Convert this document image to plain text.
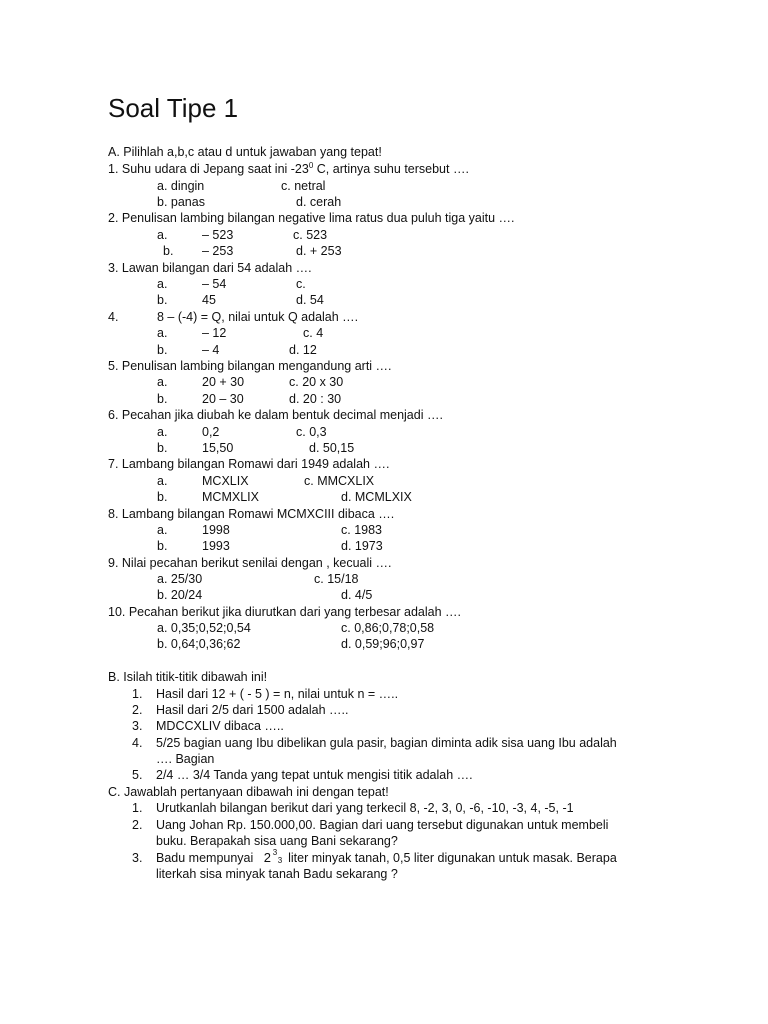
Soal Tipe 1
A. Pilihlah a,b,c atau d untuk jawaban yang tepat!
1. Suhu udara di Jepang saat ini $-23^0$ C, artinya suhu tersebut ….
a. dingin	c. netral
b. panas	d. cerah
2. Penulisan lambing bilangan negative lima ratus dua puluh tiga yaitu ….
a.	– 523	c. 523
b. – 253	d. + 253
3. Lawan bilangan dari 54 adalah ….
a.	– 54	c.
b.	45	d. 54
4.	8 – (-4) = Q, nilai untuk Q adalah ….
a.	– 12	c. 4
b.	– 4	d. 12
5. Penulisan lambing bilangan mengandung arti ….
a.	20 + 30	c. 20 x 30
b.	20 – 30	d. 20 : 30
6. Pecahan jika diubah ke dalam bentuk decimal menjadi ….
a.	0,2	c. 0,3
b.	15,50	d. 50,15
7. Lambang bilangan Romawi dari 1949 adalah ….
a.	MCXLIX	c. MMCXLIX
b.	MCMXLIX	d. MCMLXIX
8. Lambang bilangan Romawi MCMXCIII dibaca ….
a.	1998	c. 1983
b.	1993	d. 1973
9. Nilai pecahan berikut senilai dengan , kecuali ….
a. 25/30	c. 15/18
b. 20/24	d. 4/5
10. Pecahan berikut jika diurutkan dari yang terbesar adalah ….
a. 0,35;0,52;0,54	c. 0,86;0,78;0,58
b. 0,64;0,36;62	d. 0,59;96;0,97
B. Isilah titik-titik dibawah ini!
1. Hasil dari 12 + ( - 5 ) = n, nilai untuk n = …..
2. Hasil dari 2/5 dari 1500 adalah …..
3. MDCCXLIV dibaca …..
4. 5/25 bagian uang Ibu dibelikan gula pasir, bagian diminta adik sisa uang Ibu adalah
…. Bagian
5. 2/4 … 3/4 Tanda yang tepat untuk mengisi titik adalah ….
C. Jawablah pertanyaan dibawah ini dengan tepat!
1. Urutkanlah bilangan berikut dari yang terkecil 8, -2, 3, 0, -6, -10, -3, 4, -5, -1
2. Uang Johan Rp. 150.000,00. Bagian dari uang tersebut digunakan untuk membeli
buku. Berapakah sisa uang Bani sekarang?
3. Badu mempunyai 2 3
3 liter minyak tanah, 0,5 liter digunakan untuk masak. Berapa
literkah sisa minyak tanah Badu sekarang ?
